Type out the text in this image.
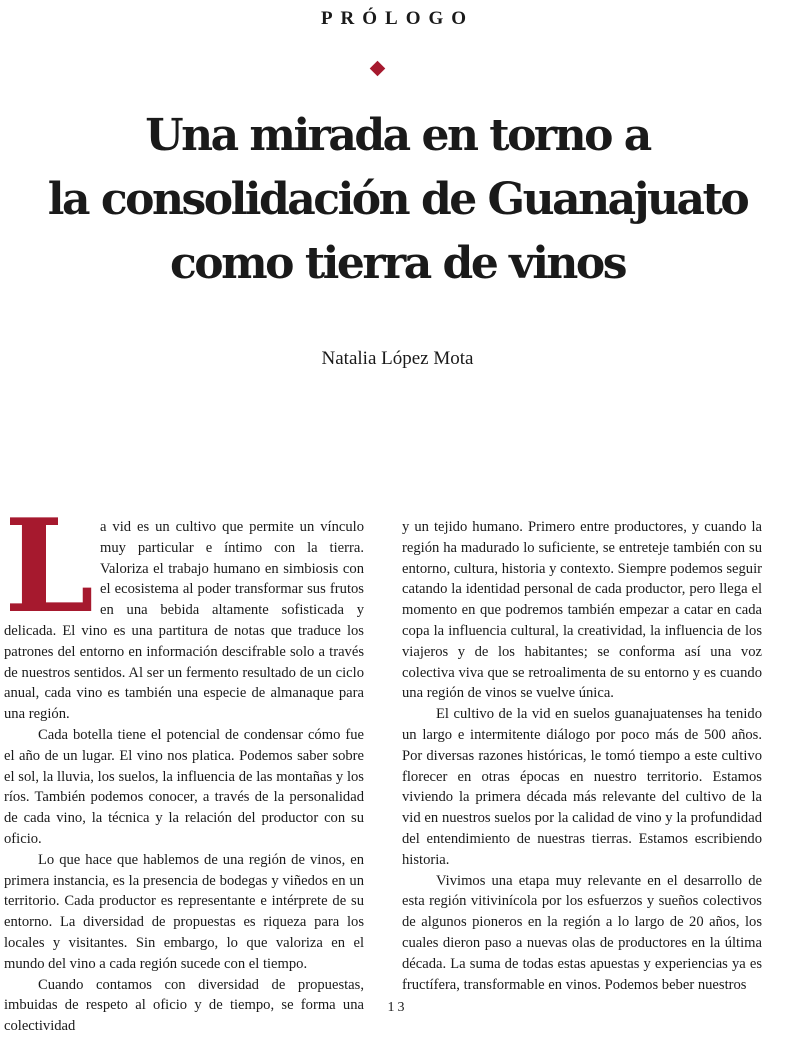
PRÓLOGO
Una mirada en torno a
la consolidación de Guanajuato
como tierra de vinos
Natalia López Mota
L a vid es un cultivo que permite un vínculo muy particular e íntimo con la tierra. Valoriza el trabajo humano en simbiosis con el ecosistema al poder transformar sus frutos en una bebida altamente sofisticada y delicada. El vino es una partitura de notas que traduce los patrones del entorno en información descifrable solo a través de nuestros sentidos. Al ser un fermento resultado de un ciclo anual, cada vino es también una especie de almanaque para una región.

Cada botella tiene el potencial de condensar cómo fue el año de un lugar. El vino nos platica. Podemos saber sobre el sol, la lluvia, los suelos, la influencia de las montañas y los ríos. También podemos conocer, a través de la personalidad de cada vino, la técnica y la relación del productor con su oficio.

Lo que hace que hablemos de una región de vinos, en primera instancia, es la presencia de bodegas y viñedos en un territorio. Cada productor es representante e intérprete de su entorno. La diversidad de propuestas es riqueza para los locales y visitantes. Sin embargo, lo que valoriza en el mundo del vino a cada región sucede con el tiempo.

Cuando contamos con diversidad de propuestas, imbuidas de respeto al oficio y de tiempo, se forma una colectividad

y un tejido humano. Primero entre productores, y cuando la región ha madurado lo suficiente, se entreteje también con su entorno, cultura, historia y contexto. Siempre podemos seguir catando la identidad personal de cada productor, pero llega el momento en que podremos también empezar a catar en cada copa la influencia cultural, la creatividad, la influencia de los viajeros y de los habitantes; se conforma así una voz colectiva viva que se retroalimenta de su entorno y es cuando una región de vinos se vuelve única.

El cultivo de la vid en suelos guanajuatenses ha tenido un largo e intermitente diálogo por poco más de 500 años. Por diversas razones históricas, le tomó tiempo a este cultivo florecer en otras épocas en nuestro territorio. Estamos viviendo la primera década más relevante del cultivo de la vid en nuestros suelos por la calidad de vino y la profundidad del entendimiento de nuestras tierras. Estamos escribiendo historia.

Vivimos una etapa muy relevante en el desarrollo de esta región vitivinícola por los esfuerzos y sueños colectivos de algunos pioneros en la región a lo largo de 20 años, los cuales dieron paso a nuevas olas de productores en la última década. La suma de todas estas apuestas y experiencias ya es fructífera, transformable en vinos. Podemos beber nuestros

13
